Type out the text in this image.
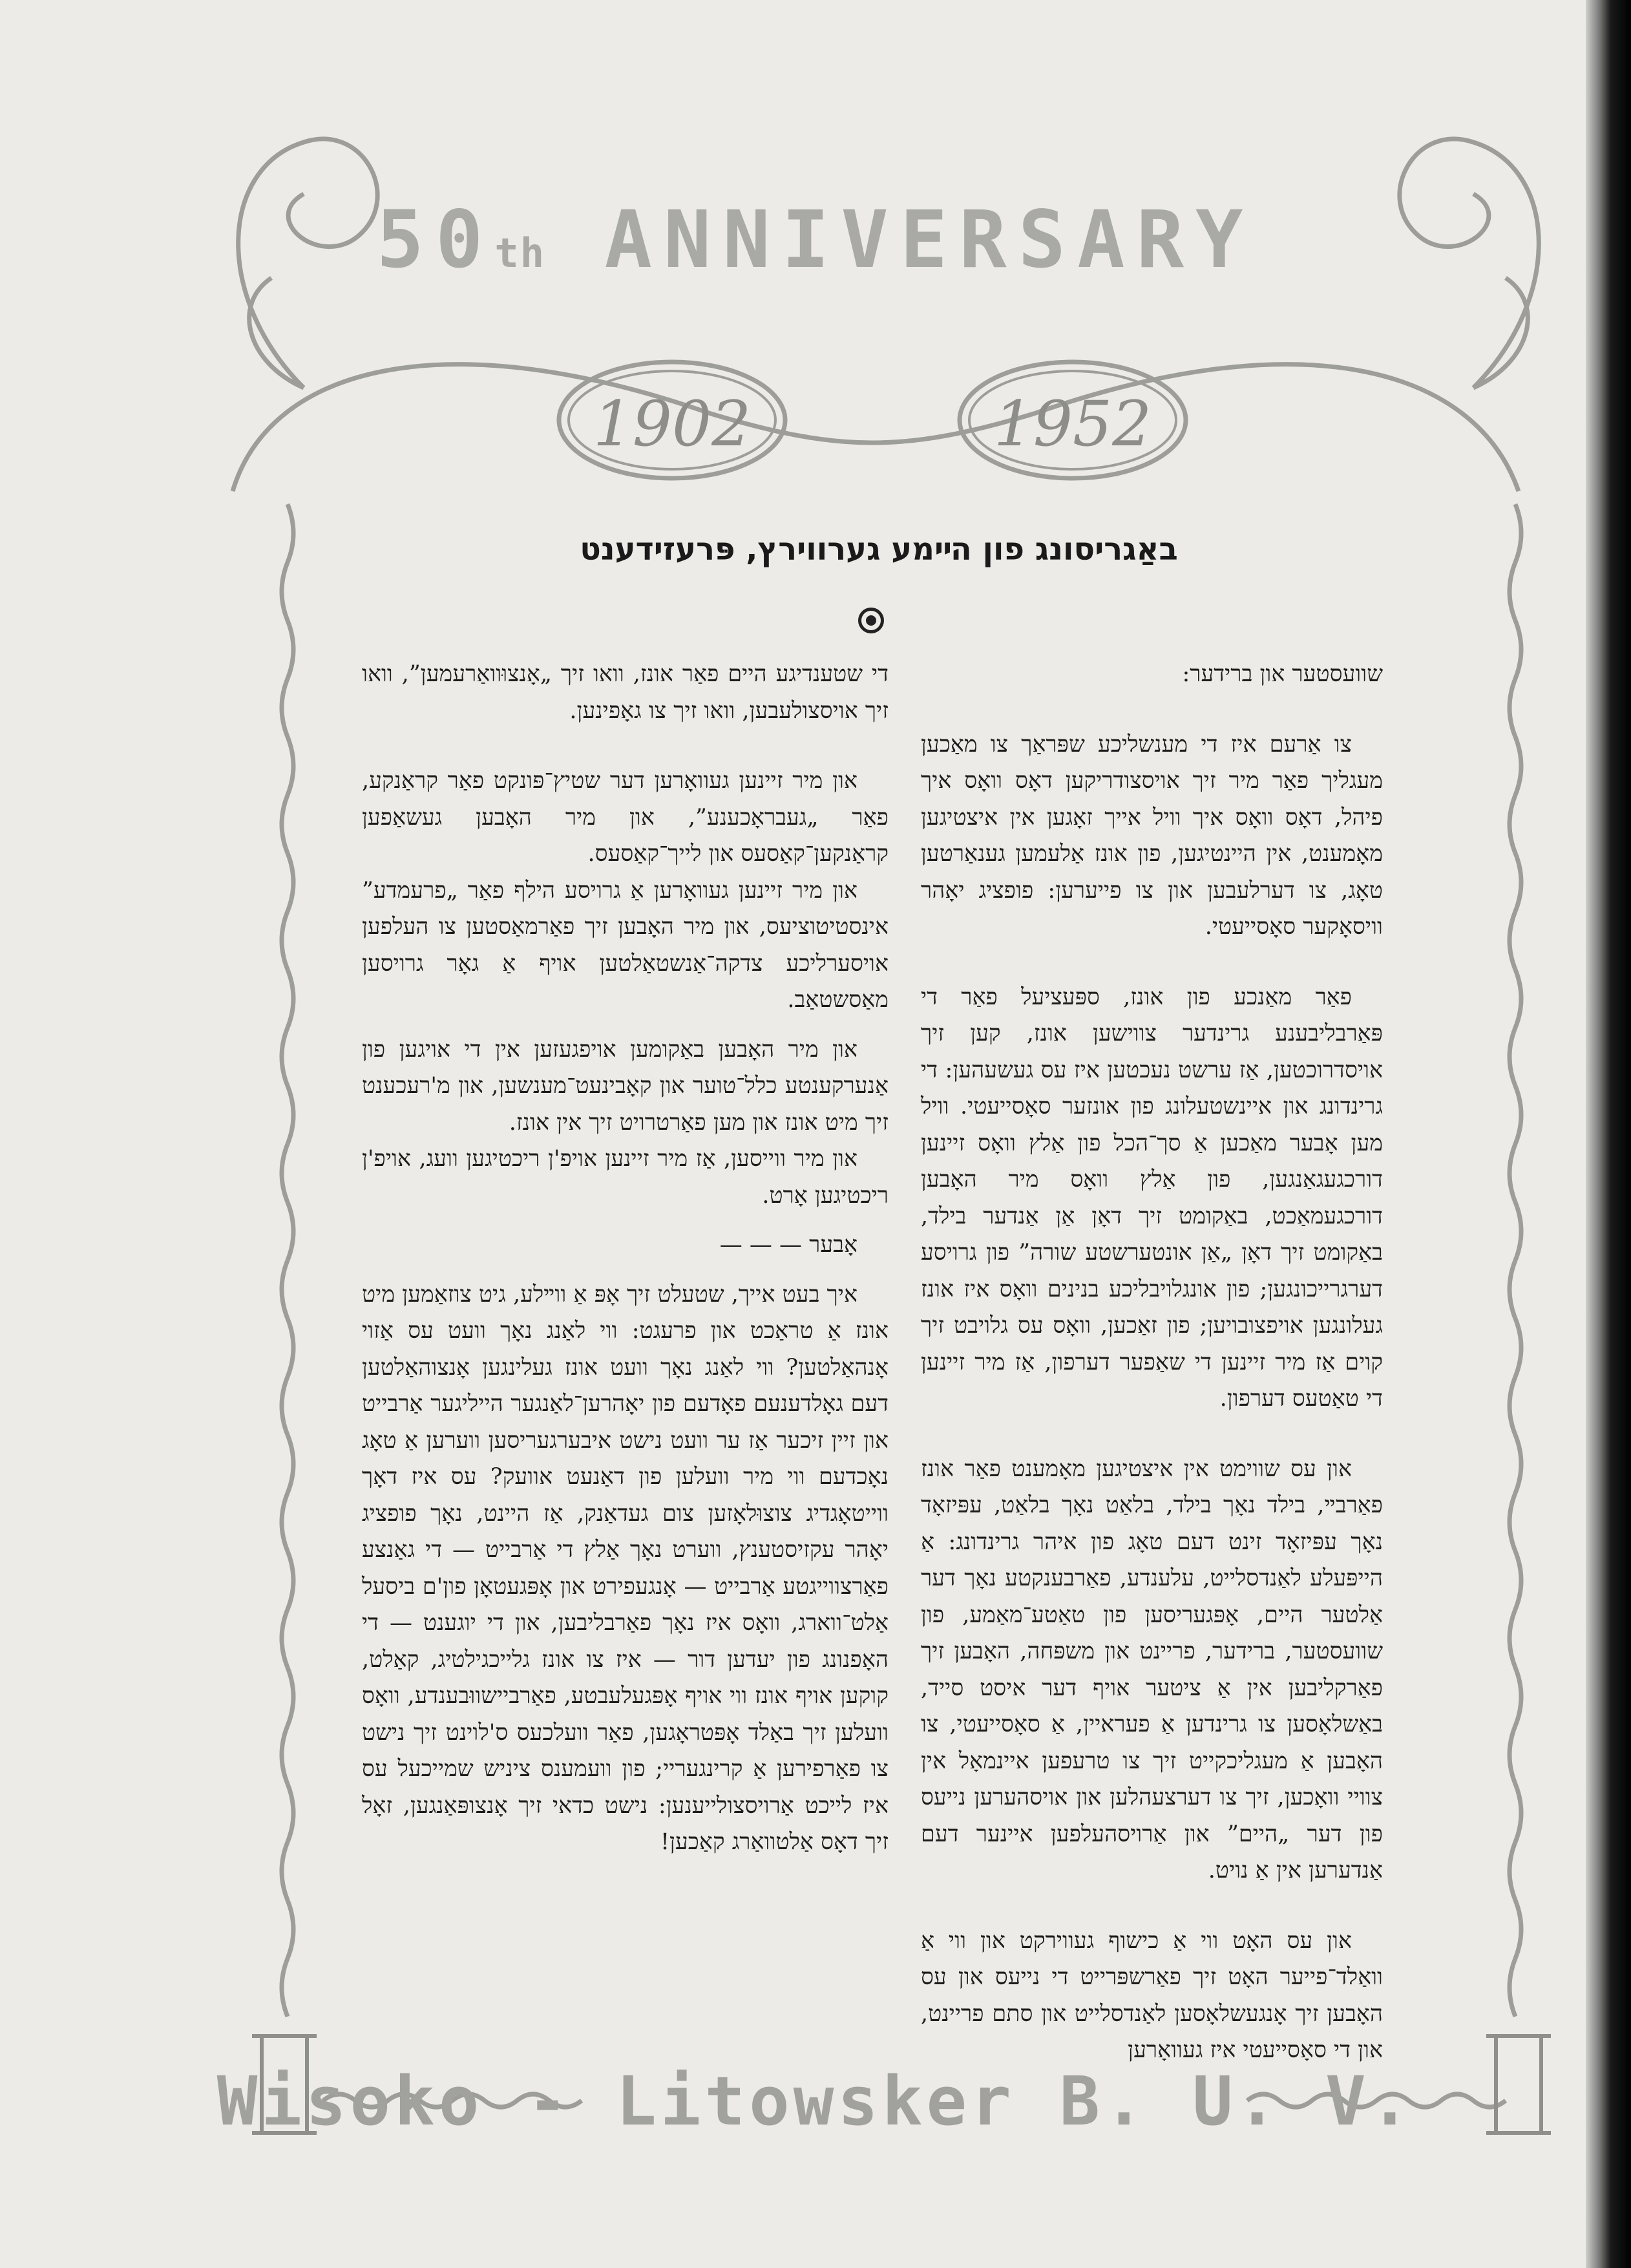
50th ANNIVERSARY
1902	1952
באַגריסונג פון הײמע גערווירץ, פּרעזידענט

שוועסטער און ברידער:

צו אַרעם איז די מענשליכע שפּראַך צו מאַכען מעגליך פאַר מיר זיך אויסצודריקען דאָס וואָס איך פיהל, דאָס וואָס איך וויל אייך זאָגען אין איצטיגען מאָמענט, אין היינטיגען, פון אונז אַלעמען גענאַרטען טאָג, צו דערלעבען און צו פייערען: פופציג יאָהר וויסאָקער סאָסייעטי.

פאַר מאַנכע פון אונז, ספּעציעל פאַר די פּאַרבליבענע גרינדער צווישען אונז, קען זיך אויסדרוכטען, אַז ערשט נעכטען איז עס געשעהען: די גרינדונג און איינשטעלונג פון אונזער סאָסייעטי. וויל מען אָבער מאַכען אַ סך־הכל פון אַלץ וואָס זיינען דורכגעגאַנגען, פון אַלץ וואָס מיר האָבען דורכגעמאַכט, באַקומט זיך דאָן אַן אַנדער בילד, באַקומט זיך דאָן „אַן אונטערשטע שורה” פון גרויסע דערגרייכונגען; פון אונגלויבליכע בנינים וואָס איז אונז געלונגען אויפצובויען; פון זאַכען, וואָס עס גלויבט זיך קוים אַז מיר זיינען די שאַפער דערפון, אַז מיר זיינען די טאַטעס דערפון.

און עס שווימט אין איצטיגען מאָמענט פאַר אונז פאַרבײ, בילד נאָך בילד, בלאַט נאָך בלאַט, עפּיזאָד נאָך עפּיזאָד זינט דעם טאָג פון איהר גרינדונג: אַ הייפּעלע לאַנדסלייט, עלענדע, פאַרבענקטע נאָך דער אַלטער היים, אָפּגעריסען פון טאַטע־מאַמע, פון שוועסטער, ברידער, פריינט און משפּחה, האָבען זיך פאַרקליבען אין אַ ציטער אויף דער איסט סייד, באַשלאָסען צו גרינדען אַ פעראיין, אַ סאָסייעטי, צו האָבען אַ מעגליכקייט זיך צו טרעפען איינמאָל אין צוויי וואָכען, זיך צו דערצעהלען און אויסהערען נייעס פון דער „היים” און אַרויסהעלפען איינער דעם אַנדערען אין אַ נויט.

און עס האָט ווי אַ כישוף געווירקט און ווי אַ וואַלד־פייער האָט זיך פאַרשפּרייט די נייעס און עס האָבען זיך אָנגעשלאָסען לאַנדסלייט און סתם פריינט, און די סאָסייעטי איז געוואָרען

די שטענדיגע היים פאַר אונז, וואו זיך „אָנצוּוואַרעמען”, וואו זיך אויסצולעבען, וואו זיך צו גאָפינען.

און מיר זיינען געוואָרען דער שטיץ־פּונקט פאַר קראַנקע, פאַר „געבראָכענע”, און מיר האָבען געשאַפען קראַנקען־קאַסעס און לייך־קאַסעס.

און מיר זיינען געוואָרען אַ גרויסע הילף פאַר „פרעמדע” אינסטיטוציעס, און מיר האָבען זיך פאַרמאַסטען צו העלפען אויסערליכע צדקה־אַנשטאַלטען אויף אַ גאָר גרויסען מאַסשטאַב.

און מיר האָבען באַקומען אויפגעזען אין די אויגען פון אַנערקענטע כלל־טוער און קאָבינעט־מענשען, און מ'רעכענט זיך מיט אונז און מען פאַרטרויט זיך אין אונז.

און מיר ווייסען, אַז מיר זיינען אויפ'ן ריכטיגען וועג, אויפ'ן ריכטיגען אָרט.

אָבער — — —

איך בעט אייך, שטעלט זיך אָפּ אַ ווײלע, גיט צוזאַמען מיט אונז אַ טראַכט און פרעגט: ווי לאַנג נאָך וועט עס אַזוי אָנהאַלטען? ווי לאַנג נאָך וועט אונז געלינגען אָנצוהאַלטען דעם גאָלדענעם פאָדעם פון יאָהרען־לאַנגער הייליגער אַרבייט און זיין זיכער אַז ער וועט נישט איבערגעריסען ווערען אַ טאָג נאָכדעם ווי מיר וועלען פון דאַנעט אוועק? עס איז דאָך ווייטאָגדיג צוצוּלאָזען צום געדאַנק, אַז היינט, נאָך פופציג יאָהר עקזיסטענץ, ווערט נאָך אַלץ די אַרבייט — די גאַנצע פאַרצווייגטע אַרבייט — אָנגעפירט און אָפּגעטאָן פון'ם ביסעל אַלט־ווארג, וואָס איז נאָך פאַרבליבען, און די יוגענט — די האָפנונג פון יעדען דור — איז צו אונז גלייכגילטיג, קאַלט, קוקען אויף אונז ווי אויף אָפּגעלעבטע, פאַרביישווּבענדע, וואָס וועלען זיך באַלד אָפּטראָגען, פאַר וועלכעס ס'לוינט זיך נישט צו פאַרפירען אַ קרינגעריי; פון וועמענס ציניש שמייכעל עס איז לייכט אַרויסצולייענען: נישט כדאי זיך אָנצופּאַנגען, זאָל זיך דאָס אַלטוואַרג קאַכען!

Wisoko - Litowsker B. U. V.
